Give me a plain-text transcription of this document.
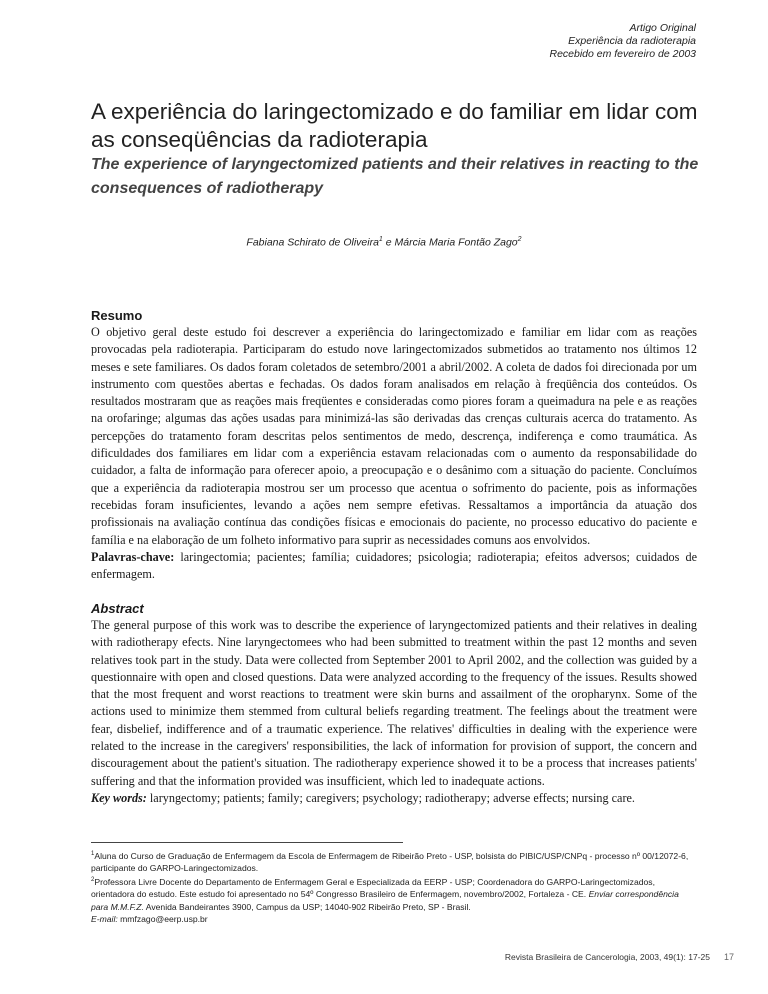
Artigo Original
Experiência da radioterapia
Recebido em fevereiro de 2003
A experiência do laringectomizado e do familiar em lidar com as conseqüências da radioterapia
The experience of laryngectomized patients and their relatives in reacting to the consequences of radiotherapy
Fabiana Schirato de Oliveira$^1$ e Márcia Maria Fontão Zago$^2$
Resumo

O objetivo geral deste estudo foi descrever a experiência do laringectomizado e familiar em lidar com as reações provocadas pela radioterapia. Participaram do estudo nove laringectomizados submetidos ao tratamento nos últimos 12 meses e sete familiares. Os dados foram coletados de setembro/2001 a abril/2002. A coleta de dados foi direcionada por um instrumento com questões abertas e fechadas. Os dados foram analisados em relação à freqüência dos conteúdos. Os resultados mostraram que as reações mais freqüentes e consideradas como piores foram a queimadura na pele e as reações na orofaringe; algumas das ações usadas para minimizá-las são derivadas das crenças culturais acerca do tratamento. As percepções do tratamento foram descritas pelos sentimentos de medo, descrença, indiferença e como traumática. As dificuldades dos familiares em lidar com a experiência estavam relacionadas com o aumento da responsabilidade do cuidador, a falta de informação para oferecer apoio, a preocupação e o desânimo com a situação do paciente. Concluímos que a experiência da radioterapia mostrou ser um processo que acentua o sofrimento do paciente, pois as informações recebidas foram insuficientes, levando a ações nem sempre efetivas. Ressaltamos a importância da atuação dos profissionais na avaliação contínua das condições físicas e emocionais do paciente, no processo educativo do paciente e família e na elaboração de um folheto informativo para suprir as necessidades comuns aos envolvidos.

Palavras-chave: laringectomia; pacientes; família; cuidadores; psicologia; radioterapia; efeitos adversos; cuidados de enfermagem.

Abstract

The general purpose of this work was to describe the experience of laryngectomized patients and their relatives in dealing with radiotherapy efects. Nine laryngectomees who had been submitted to treatment within the past 12 months and seven relatives took part in the study. Data were collected from September 2001 to April 2002, and the collection was guided by a questionnaire with open and closed questions. Data were analyzed according to the frequency of the issues. Results showed that the most frequent and worst reactions to treatment were skin burns and assailment of the oropharynx. Some of the actions used to minimize them stemmed from cultural beliefs regarding treatment. The feelings about the treatment were fear, disbelief, indifference and of a traumatic experience. The relatives' difficulties in dealing with the experience were related to the increase in the caregivers' responsibilities, the lack of information for provision of support, the concern and discouragement about the patient's situation. The radiotherapy experience showed it to be a process that increases patients' suffering and that the information provided was insufficient, which led to inadequate actions.

Key words: laryngectomy; patients; family; caregivers; psychology; radiotherapy; adverse effects; nursing care.

$^1$Aluna do Curso de Graduação de Enfermagem da Escola de Enfermagem de Ribeirão Preto - USP, bolsista do PIBIC/USP/CNPq - processo nº 00/12072-6, participante do GARPO-Laringectomizados.

$^2$Professora Livre Docente do Departamento de Enfermagem Geral e Especializada da EERP - USP; Coordenadora do GARPO-Laringectomizados, orientadora do estudo. Este estudo foi apresentado no 54º Congresso Brasileiro de Enfermagem, novembro/2002, Fortaleza - CE. Enviar correspondência para M.M.F.Z. Avenida Bandeirantes 3900, Campus da USP; 14040-902 Ribeirão Preto, SP - Brasil.

E-mail: mmfzago@eerp.usp.br

Revista Brasileira de Cancerologia, 2003, 49(1): 17-25 17
